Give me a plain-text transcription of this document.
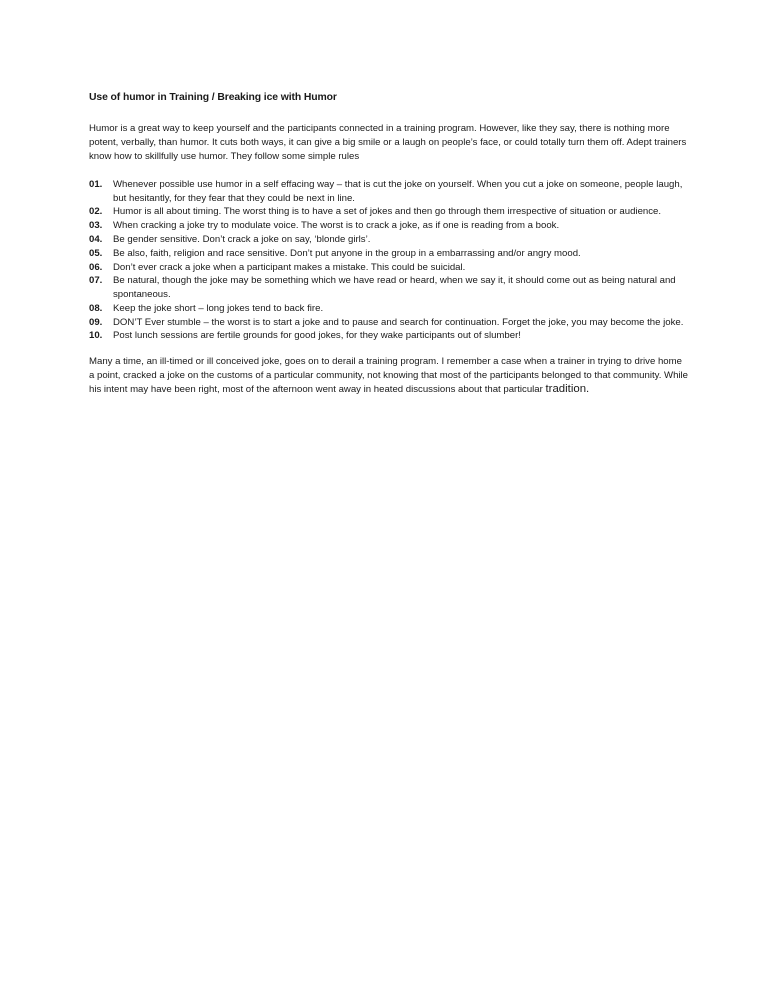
Use of humor in Training / Breaking ice with Humor

Humor is a great way to keep yourself and the participants connected in a training program. However, like they say, there is nothing more potent, verbally, than humor. It cuts both ways, it can give a big smile or a laugh on people’s face, or could totally turn them off. Adept trainers know how to skillfully use humor. They follow some simple rules

01.	Whenever possible use humor in a self effacing way – that is cut the joke on yourself. When you cut a joke on someone, people laugh, but hesitantly, for they fear that they could be next in line.
02.	Humor is all about timing. The worst thing is to have a set of jokes and then go through them irrespective of situation or audience.
03.	When cracking a joke try to modulate voice. The worst is to crack a joke, as if one is reading from a book.
04.	Be gender sensitive. Don’t crack a joke on say, ‘blonde girls’.
05.	Be also, faith, religion and race sensitive. Don’t put anyone in the group in a embarrassing and/or angry mood.
06.	Don’t ever crack a joke when a participant makes a mistake. This could be suicidal.
07.	Be natural, though the joke may be something which we have read or heard, when we say it, it should come out as being natural and spontaneous.
08.	Keep the joke short – long jokes tend to back fire.
09.	DON’T Ever stumble – the worst is to start a joke and to pause and search for continuation. Forget the joke, you may become the joke.
10.	Post lunch sessions are fertile grounds for good jokes, for they wake participants out of slumber!

Many a time, an ill-timed or ill conceived joke, goes on to derail a training program. I remember a case when a trainer in trying to drive home a point, cracked a joke on the customs of a particular community, not knowing that most of the participants belonged to that community. While his intent may have been right, most of the afternoon went away in heated discussions about that particular tradition.
